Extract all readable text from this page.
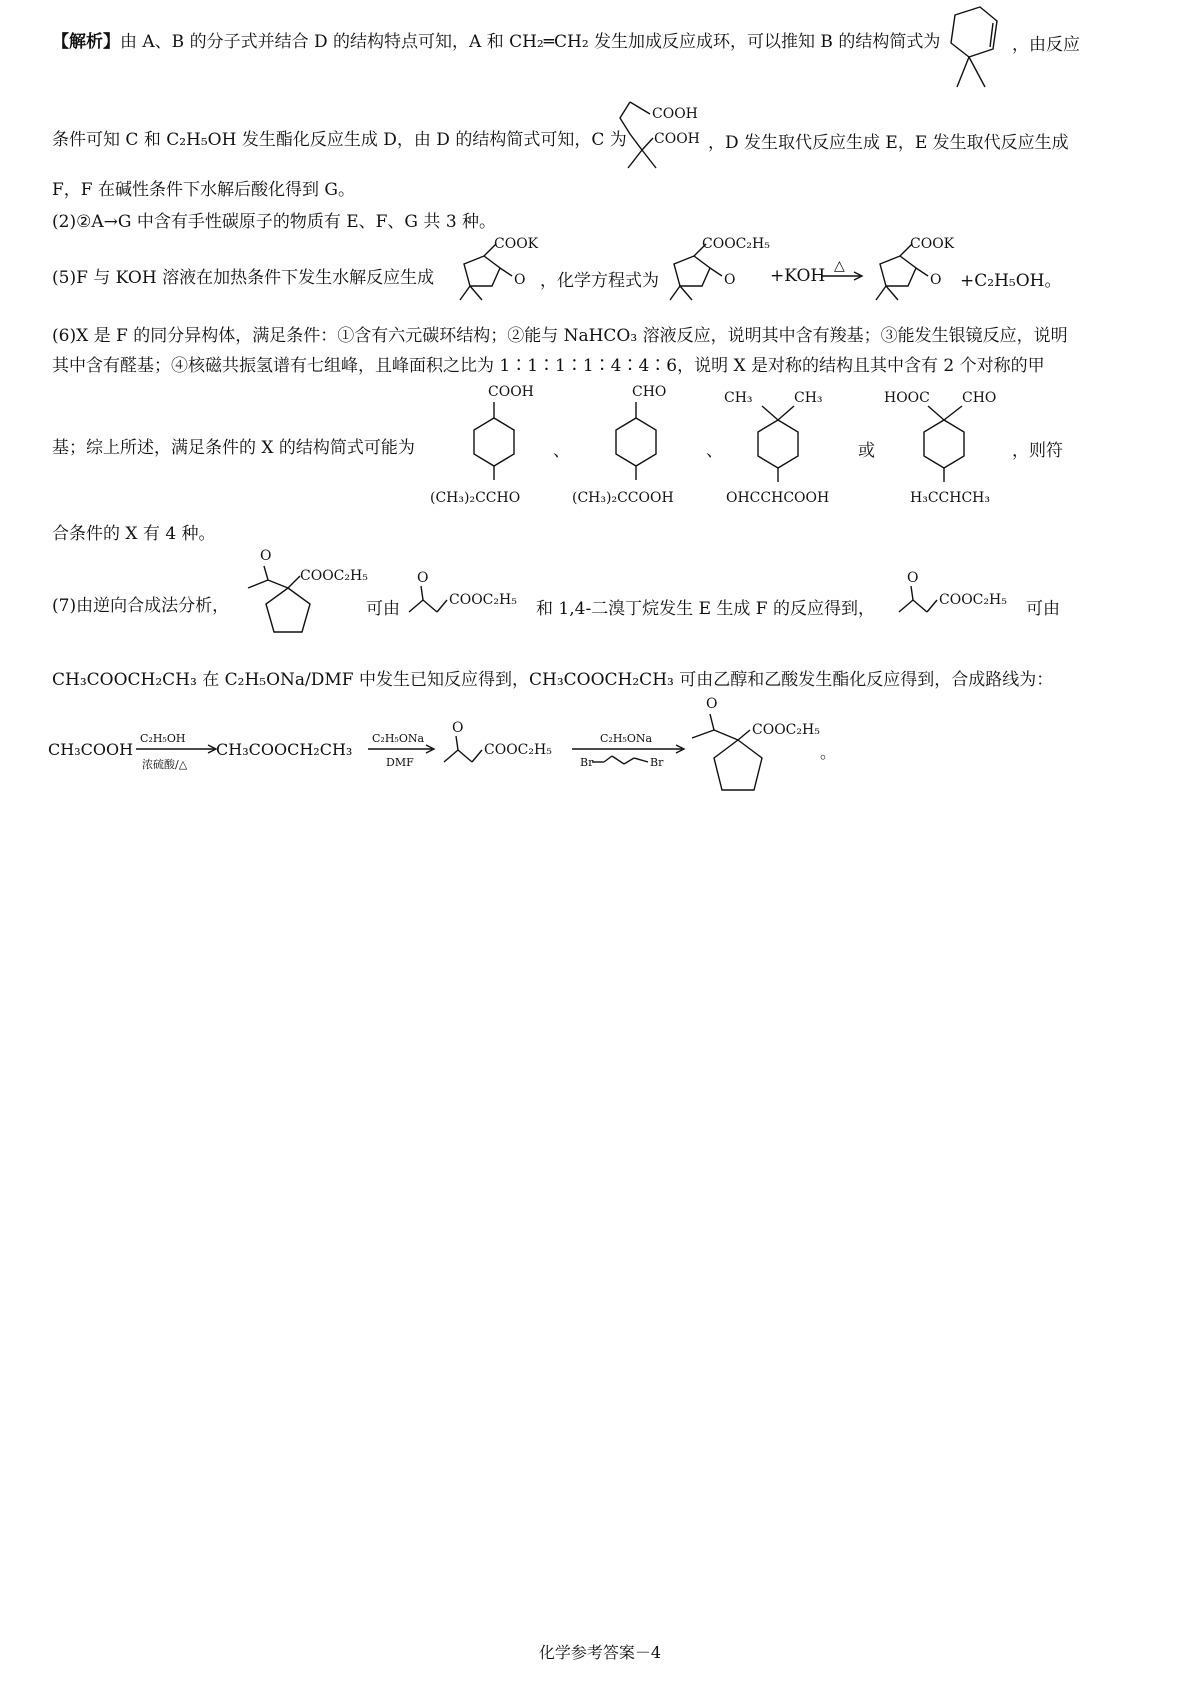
【解析】由 A、B 的分子式并结合 D 的结构特点可知，A 和 CH₂═CH₂ 发生加成反应成环，可以推知 B 的结构简式为	，由反应
条件可知 C 和 C₂H₅OH 发生酯化反应生成 D，由 D 的结构简式可知，C 为
COOH
COOH ，D 发生取代反应生成 E，E 发生取代反应生成
F，F 在碱性条件下水解后酸化得到 G。
(2)②A→G 中含有手性碳原子的物质有 E、F、G 共 3 种。
(5)F 与 KOH 溶液在加热条件下发生水解反应生成
COOK
O ，化学方程式为
COOC₂H₅
O +KOH △
COOK
O +C₂H₅OH。
(6)X 是 F 的同分异构体，满足条件：①含有六元碳环结构；②能与 NaHCO₃ 溶液反应，说明其中含有羧基；③能发生银镜反应，说明
其中含有醛基；④核磁共振氢谱有七组峰，且峰面积之比为 1∶1∶1∶1∶4∶4∶6，说明 X 是对称的结构且其中含有 2 个对称的甲
基；综上所述，满足条件的 X 的结构简式可能为
COOH
(CH₃)₂CCHO
、
CHO
(CH₃)₂CCOOH
、
CH₃	CH₃
OHCCHCOOH
或
HOOC CHO
H₃CCHCH₃
，则符
合条件的 X 有 4 种。
(7)由逆向合成法分析，
O
COOC₂H₅
可由
O
COOC₂H₅ 和 1,4-二溴丁烷发生 E 生成 F 的反应得到，
O
COOC₂H₅ 可由
CH₃COOCH₂CH₃ 在 C₂H₅ONa/DMF 中发生已知反应得到，CH₃COOCH₂CH₃ 可由乙醇和乙酸发生酯化反应得到，合成路线为：
CH₃COOH
C₂H₅OH
浓硫酸/△
CH₃COOCH₂CH₃
C₂H₅ONa
DMF
O
COOC₂H₅
C₂H₅ONa
Br	Br
O
COOC₂H₅
。
化学参考答案－4
